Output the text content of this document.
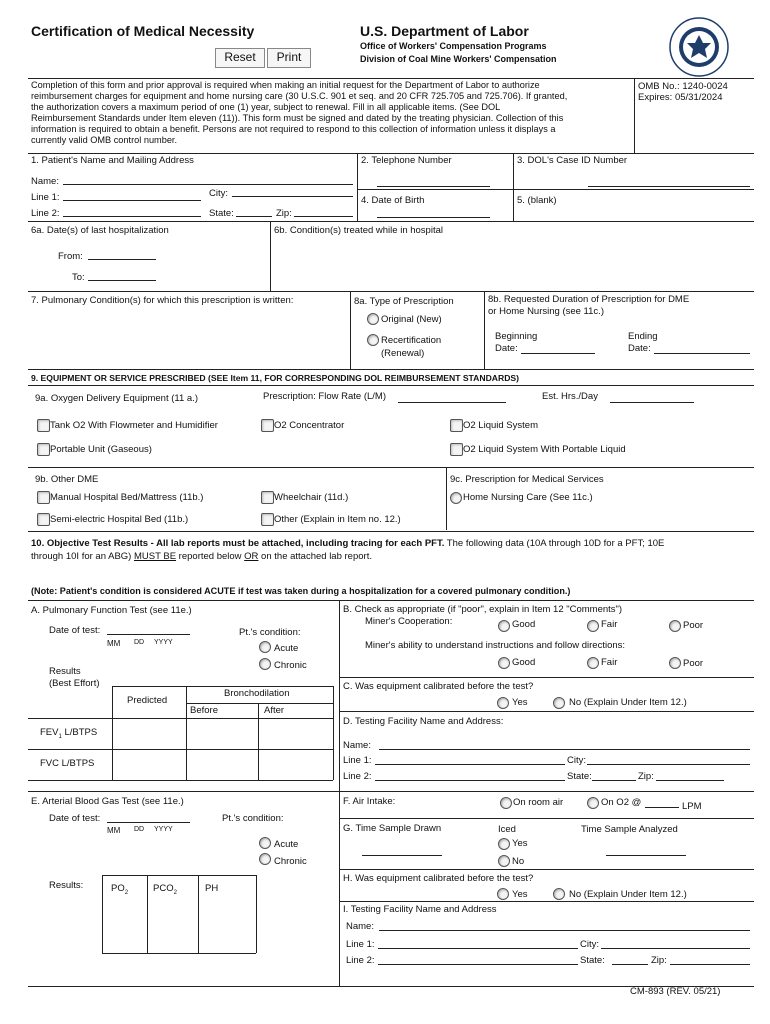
Certification of Medical Necessity
Reset	Print
U.S. Department of Labor
Office of Workers' Compensation Programs
Division of Coal Mine Workers' Compensation
Completion of this form and prior approval is required when making an initial request for the Department of Labor to authorize
reimbursement charges for equipment and home nursing care (30 U.S.C. 901 et seq. and 20 CFR 725.705 and 725.706). If granted,
the authorization covers a maximum period of one (1) year, subject to renewal. Fill in all applicable items. (See DOL
Reimbursement Standards under Item eleven (11)). This form must be signed and dated by the treating physician. Collection of this
information is required to obtain a benefit. Persons are not required to respond to this collection of information unless it displays a
currently valid OMB control number.
OMB No.: 1240-0024
Expires: 05/31/2024
1. Patient's Name and Mailing Address
Name:
Line 1:	City:
Line 2:	State:	Zip:
2. Telephone Number	3. DOL's Case ID Number
4. Date of Birth	5. (blank)
6a. Date(s) of last hospitalization
From:
To:
6b. Condition(s) treated while in hospital
7. Pulmonary Condition(s) for which this prescription is written:	8a. Type of Prescription
Original (New)
Recertification
(Renewal)
8b. Requested Duration of Prescription for DME
or Home Nursing (see 11c.)
Beginning
Date:
Ending
Date:
9. EQUIPMENT OR SERVICE PRESCRIBED (SEE Item 11, FOR CORRESPONDING DOL REIMBURSEMENT STANDARDS)
9a. Oxygen Delivery Equipment (11 a.)	Prescription: Flow Rate (L/M)	Est. Hrs./Day
Tank O2 With Flowmeter and Humidifier	O2 Concentrator	O2 Liquid System
Portable Unit (Gaseous)	O2 Liquid System With Portable Liquid
9b. Other DME	9c. Prescription for Medical Services
Manual Hospital Bed/Mattress (11b.)	Wheelchair (11d.)	Home Nursing Care (See 11c.)
Semi-electric Hospital Bed (11b.)	Other (Explain in Item no. 12.)
10. Objective Test Results - All lab reports must be attached, including tracing for each PFT. The following data (10A through 10D for a PFT; 10E
through 10I for an ABG) MUST BE reported below OR on the attached lab report.
(Note: Patient's condition is considered ACUTE if test was taken during a hospitalization for a covered pulmonary condition.)
A. Pulmonary Function Test (see 11e.)
Date of test:
MM DD YYYY
Pt.'s condition:
Acute
Chronic
Results
(Best Effort)
Predicted
Bronchodilation
Before	After
$FEV_1$ L/BTPS
FVC L/BTPS
B. Check as appropriate (if "poor", explain in Item 12 "Comments")
Miner's Cooperation:	Good	Fair	Poor
Miner's ability to understand instructions and follow directions:
Good	Fair	Poor
C. Was equipment calibrated before the test?
Yes	No (Explain Under Item 12.)
D. Testing Facility Name and Address:
Name:
Line 1:	City:
Line 2:	State:	Zip:
E. Arterial Blood Gas Test (see 11e.)
Date of test:
MM DD YYYY
Pt.'s condition:
Acute
Chronic
Results:	$PO_2$	$PCO_2$	PH
F. Air Intake:	On room air	On O2 @	LPM
G. Time Sample Drawn	Iced
Yes
No
Time Sample Analyzed
H. Was equipment calibrated before the test?
Yes	No (Explain Under Item 12.)
I. Testing Facility Name and Address
Name:
Line 1:	City:
Line 2:	State:	Zip:
CM-893 (REV. 05/21)
